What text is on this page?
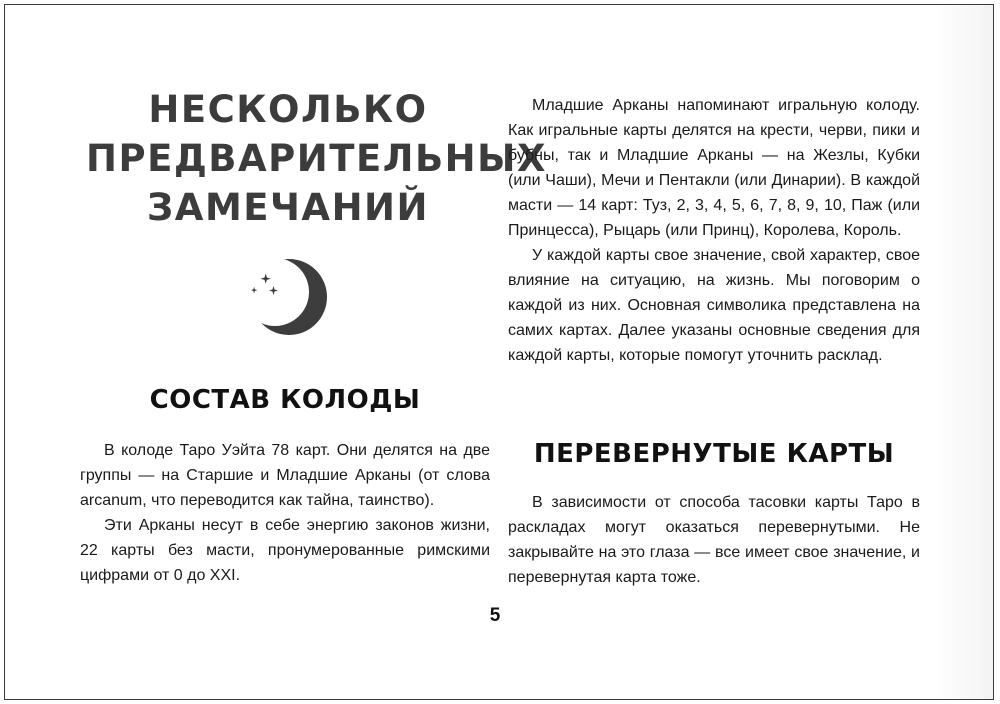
НЕСКОЛЬКО
ПРЕДВАРИТЕЛЬНЫХ
ЗАМЕЧАНИЙ
СОСТАВ КОЛОДЫ

В колоде Таро Уэйта 78 карт. Они делятся на две группы — на Старшие и Младшие Арканы (от слова arcanum, что переводится как тайна, таинство).

Эти Арканы несут в себе энергию законов жизни, 22 карты без масти, пронумерованные римскими цифрами от 0 до XXI.

Младшие Арканы напоминают игральную колоду. Как игральные карты делятся на крести, черви, пики и бубны, так и Младшие Арканы — на Жезлы, Кубки (или Чаши), Мечи и Пентакли (или Динарии). В каждой масти — 14 карт: Туз, 2, 3, 4, 5, 6, 7, 8, 9, 10, Паж (или Принцесса), Рыцарь (или Принц), Королева, Король.

У каждой карты свое значение, свой характер, свое влияние на ситуацию, на жизнь. Мы поговорим о каждой из них. Основная символика представлена на самих картах. Далее указаны основные сведения для каждой карты, которые помогут уточнить расклад.

ПЕРЕВЕРНУТЫЕ КАРТЫ

В зависимости от способа тасовки карты Таро в раскладах могут оказаться перевернутыми. Не закрывайте на это глаза — все имеет свое значение, и перевернутая карта тоже.

5
